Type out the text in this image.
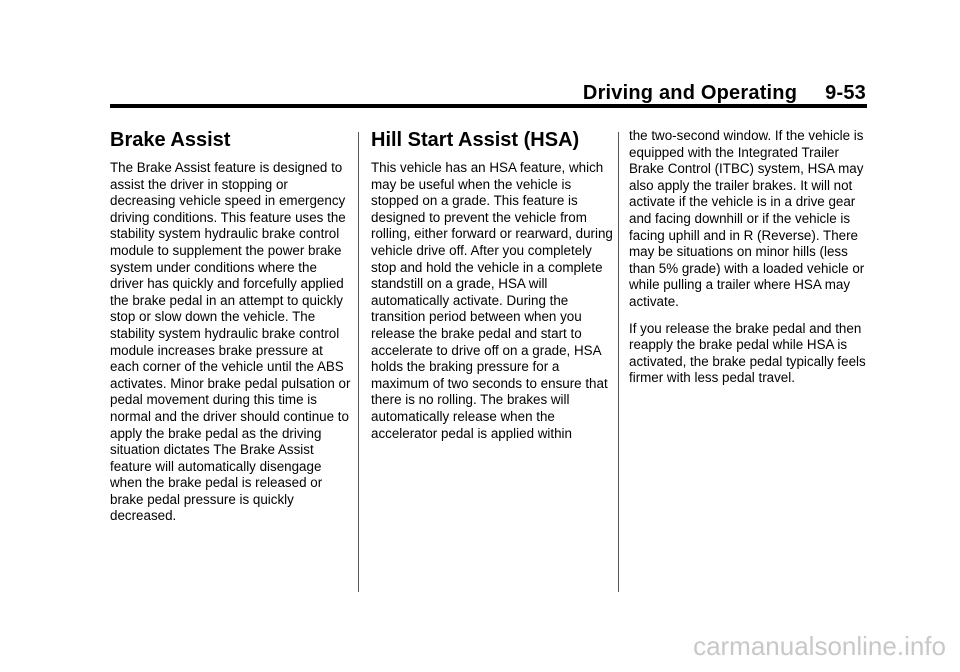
Driving and Operating 9-53
Brake Assist

The Brake Assist feature is designed to assist the driver in stopping or decreasing vehicle speed in emergency driving conditions. This feature uses the stability system hydraulic brake control module to supplement the power brake system under conditions where the driver has quickly and forcefully applied the brake pedal in an attempt to quickly stop or slow down the vehicle. The stability system hydraulic brake control module increases brake pressure at each corner of the vehicle until the ABS activates. Minor brake pedal pulsation or pedal movement during this time is normal and the driver should continue to apply the brake pedal as the driving situation dictates The Brake Assist feature will automatically disengage when the brake pedal is released or brake pedal pressure is quickly decreased.

Hill Start Assist (HSA)

This vehicle has an HSA feature, which may be useful when the vehicle is stopped on a grade. This feature is designed to prevent the vehicle from rolling, either forward or rearward, during vehicle drive off. After you completely stop and hold the vehicle in a complete standstill on a grade, HSA will automatically activate. During the transition period between when you release the brake pedal and start to accelerate to drive off on a grade, HSA holds the braking pressure for a maximum of two seconds to ensure that there is no rolling. The brakes will automatically release when the accelerator pedal is applied within

the two-second window. If the vehicle is equipped with the Integrated Trailer Brake Control (ITBC) system, HSA may also apply the trailer brakes. It will not activate if the vehicle is in a drive gear and facing downhill or if the vehicle is facing uphill and in R (Reverse). There may be situations on minor hills (less than 5% grade) with a loaded vehicle or while pulling a trailer where HSA may activate.

If you release the brake pedal and then reapply the brake pedal while HSA is activated, the brake pedal typically feels firmer with less pedal travel.

carmanualsonline.info
